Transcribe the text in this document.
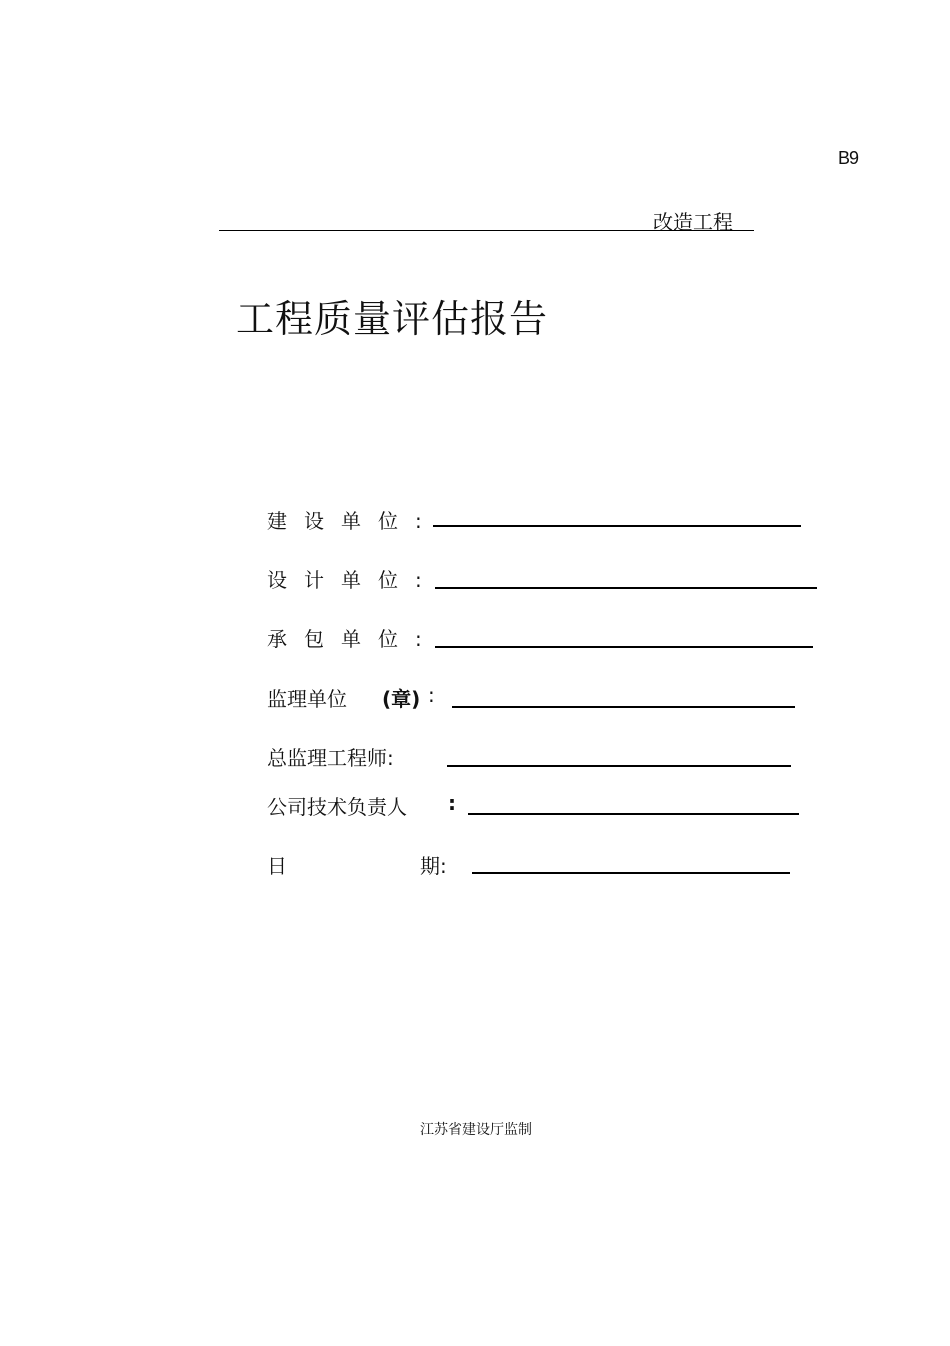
B9
改造工程
工程质量评估报告
建设单位:
设计单位:
承包单位:
监理单位 (章) :
总监理工程师:
公司技术负责人 :
日	期:
江苏省建设厅监制
